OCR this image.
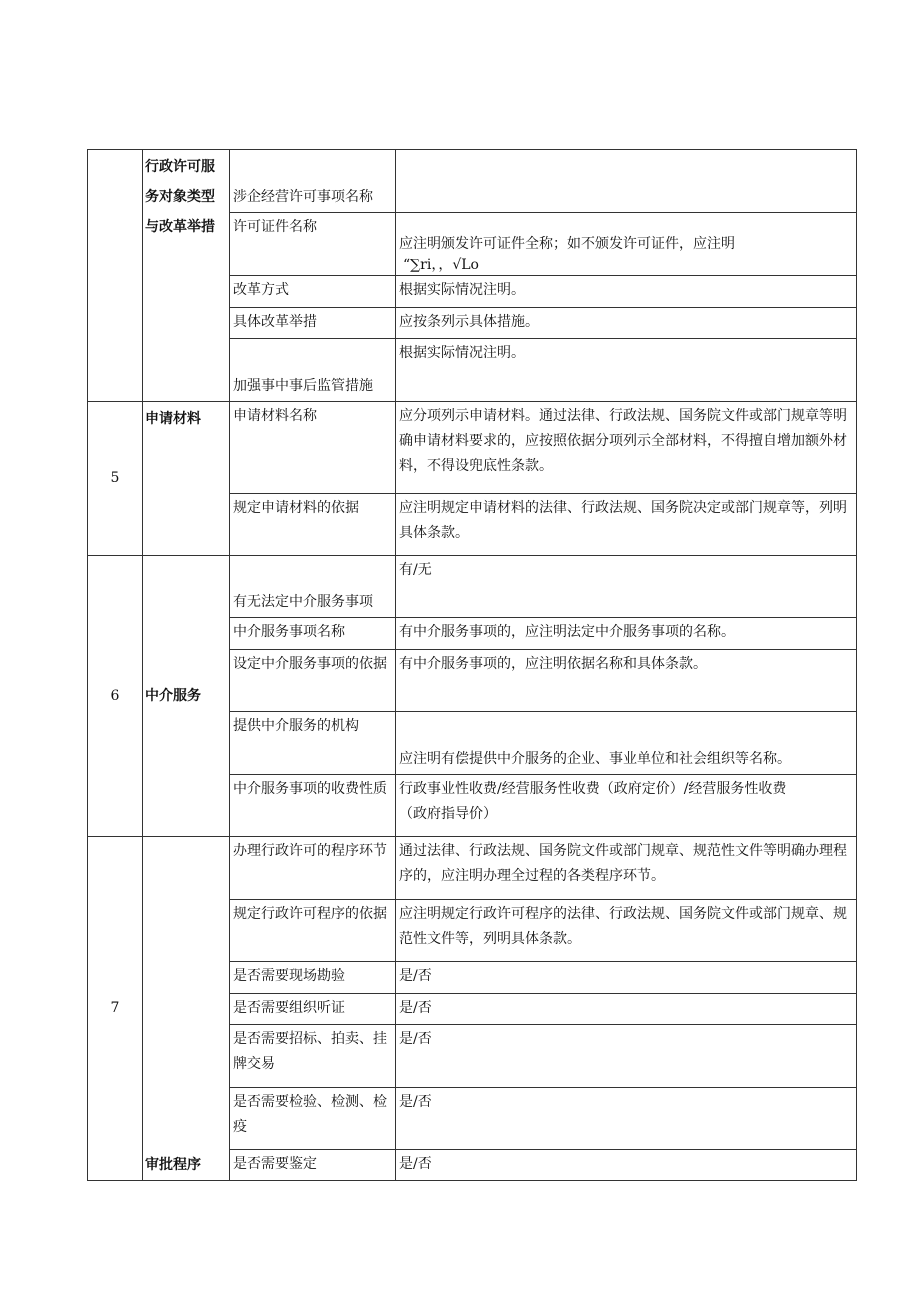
	行政许可服务对象类型与改革举措	涉企经营许可事项名称	
		许可证件名称	应注明颁发许可证件全称；如不颁发许可证件，应注明
“∑ri，，√Lo

		改革方式	根据实际情况注明。
		具体改革举措	应按条列示具体措施。
		加强事中事后监管措施	根据实际情况注明。
5	申请材料	申请材料名称	应分项列示申请材料。通过法律、行政法规、国务院文件或部门规章等明确申请材料要求的，应按照依据分项列示全部材料，不得擅自增加额外材料，不得设兜底性条款。
		规定申请材料的依据	应注明规定申请材料的法律、行政法规、国务院决定或部门规章等，列明具体条款。
6	中介服务	有无法定中介服务事项	有/无
		中介服务事项名称	有中介服务事项的，应注明法定中介服务事项的名称。
		设定中介服务事项的依据	有中介服务事项的，应注明依据名称和具体条款。
		提供中介服务的机构	应注明有偿提供中介服务的企业、事业单位和社会组织等名称。
		中介服务事项的收费性质	行政事业性收费/经营服务性收费（政府定价）/经营服务性收费
（政府指导价）

7	审批程序	办理行政许可的程序环节	通过法律、行政法规、国务院文件或部门规章、规范性文件等明确办理程序的，应注明办理全过程的各类程序环节。
		规定行政许可程序的依据	应注明规定行政许可程序的法律、行政法规、国务院文件或部门规章、规范性文件等，列明具体条款。
		是否需要现场勘验	是/否
		是否需要组织听证	是/否
		是否需要招标、拍卖、挂牌交易	是/否
		是否需要检验、检测、检疫	是/否
		是否需要鉴定	是/否
